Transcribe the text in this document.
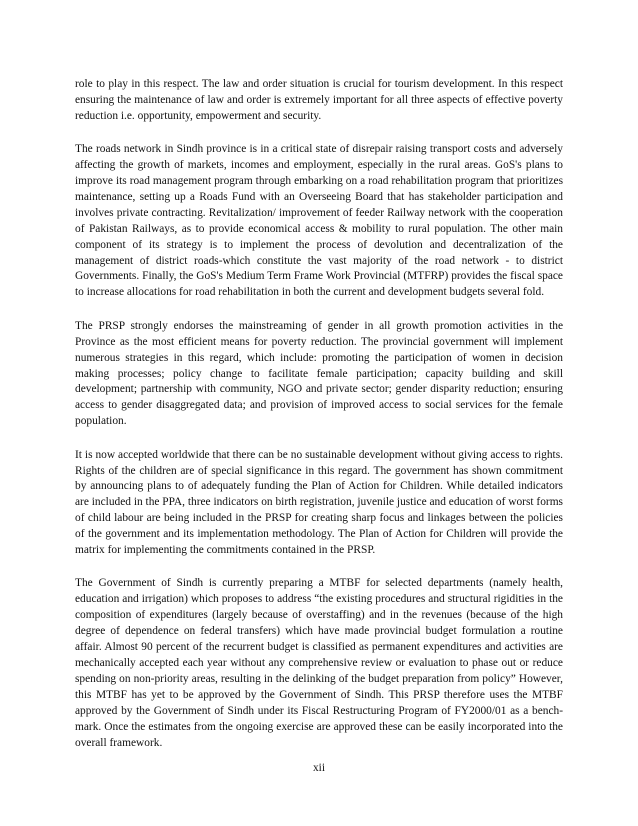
role to play in this respect. The law and order situation is crucial for tourism development. In this respect ensuring the maintenance of law and order is extremely important for all three aspects of effective poverty reduction i.e. opportunity, empowerment and security.

The roads network in Sindh province is in a critical state of disrepair raising transport costs and adversely affecting the growth of markets, incomes and employment, especially in the rural areas. GoS's plans to improve its road management program through embarking on a road rehabilitation program that prioritizes maintenance, setting up a Roads Fund with an Overseeing Board that has stakeholder participation and involves private contracting. Revitalization/ improvement of feeder Railway network with the cooperation of Pakistan Railways, as to provide economical access & mobility to rural population. The other main component of its strategy is to implement the process of devolution and decentralization of the management of district roads-which constitute the vast majority of the road network - to district Governments. Finally, the GoS's Medium Term Frame Work Provincial (MTFRP) provides the fiscal space to increase allocations for road rehabilitation in both the current and development budgets several fold.

The PRSP strongly endorses the mainstreaming of gender in all growth promotion activities in the Province as the most efficient means for poverty reduction. The provincial government will implement numerous strategies in this regard, which include: promoting the participation of women in decision making processes; policy change to facilitate female participation; capacity building and skill development; partnership with community, NGO and private sector; gender disparity reduction; ensuring access to gender disaggregated data; and provision of improved access to social services for the female population.

It is now accepted worldwide that there can be no sustainable development without giving access to rights. Rights of the children are of special significance in this regard. The government has shown commitment by announcing plans to of adequately funding the Plan of Action for Children. While detailed indicators are included in the PPA, three indicators on birth registration, juvenile justice and education of worst forms of child labour are being included in the PRSP for creating sharp focus and linkages between the policies of the government and its implementation methodology. The Plan of Action for Children will provide the matrix for implementing the commitments contained in the PRSP.

The Government of Sindh is currently preparing a MTBF for selected departments (namely health, education and irrigation) which proposes to address “the existing procedures and structural rigidities in the composition of expenditures (largely because of overstaffing) and in the revenues (because of the high degree of dependence on federal transfers) which have made provincial budget formulation a routine affair. Almost 90 percent of the recurrent budget is classified as permanent expenditures and activities are mechanically accepted each year without any comprehensive review or evaluation to phase out or reduce spending on non-priority areas, resulting in the delinking of the budget preparation from policy” However, this MTBF has yet to be approved by the Government of Sindh. This PRSP therefore uses the MTBF approved by the Government of Sindh under its Fiscal Restructuring Program of FY2000/01 as a bench-mark. Once the estimates from the ongoing exercise are approved these can be easily incorporated into the overall framework.

xii
